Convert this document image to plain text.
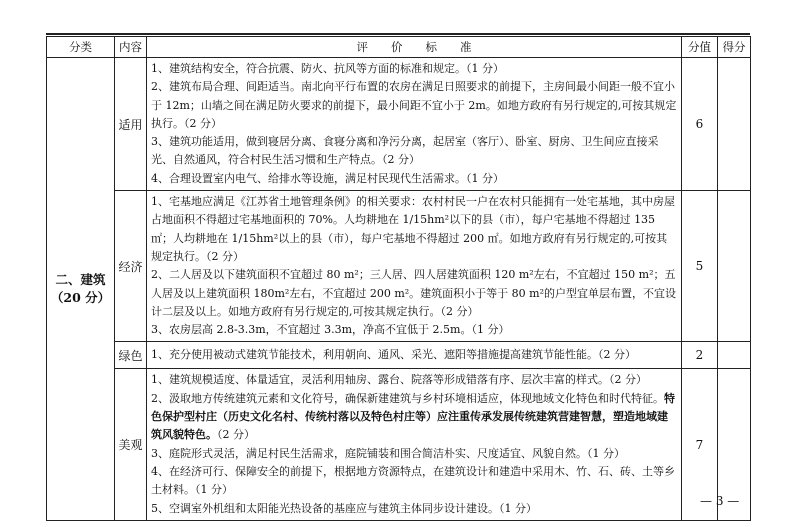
分类	内容	评　　价　　标　　准	分值	得分
二、建筑
（20 分）	适用	1、建筑结构安全，符合抗震、防火、抗风等方面的标准和规定。（1 分）
2、建筑布局合理、间距适当。南北向平行布置的农房在满足日照要求的前提下，主房间最小间距一般不宜小于 12m；山墙之间在满足防火要求的前提下，最小间距不宜小于 2m。如地方政府有另行规定的,可按其规定执行。（2 分）
3、建筑功能适用，做到寝居分离、食寝分离和净污分离，起居室（客厅）、卧室、厨房、卫生间应直接采光、自然通风，符合村民生活习惯和生产特点。（2 分）
4、合理设置室内电气、给排水等设施，满足村民现代生活需求。（1 分）	6	
	经济	1、宅基地应满足《江苏省土地管理条例》的相关要求：农村村民一户在农村只能拥有一处宅基地，其中房屋占地面积不得超过宅基地面积的 70%。人均耕地在 1/15hm²以下的县（市），每户宅基地不得超过 135 ㎡；人均耕地在 1/15hm²以上的县（市），每户宅基地不得超过 200 ㎡。如地方政府有另行规定的,可按其规定执行。（2 分）
2、二人居及以下建筑面积不宜超过 80 m²；三人居、四人居建筑面积 120 m²左右，不宜超过 150 m²；五人居及以上建筑面积 180m²左右，不宜超过 200 m²。建筑面积小于等于 80 m²的户型宜单层布置，不宜设计二层及以上。如地方政府有另行规定的,可按其规定执行。（2 分）
3、农房层高 2.8-3.3m，不宜超过 3.3m，净高不宜低于 2.5m。（1 分）	5	
	绿色	1、充分使用被动式建筑节能技术，利用朝向、通风、采光、遮阳等措施提高建筑节能性能。（2 分）	2	
	美观	1、建筑规模适度、体量适宜，灵活利用轴房、露台、院落等形成错落有序、层次丰富的样式。（2 分）
2、汲取地方传统建筑元素和文化符号，确保新建建筑与乡村环境相适应，体现地域文化特色和时代特征。特色保护型村庄（历史文化名村、传统村落以及特色村庄等）应注重传承发展传统建筑营建智慧，塑造地域建筑风貌特色。（2 分）
3、庭院形式灵活，满足村民生活需求，庭院铺装和围合简洁朴实、尺度适宜、风貌自然。（1 分）
4、在经济可行、保障安全的前提下，根据地方资源特点，在建筑设计和建造中采用木、竹、石、砖、土等乡土材料。（1 分）
5、空调室外机组和太阳能光热设备的基座应与建筑主体同步设计建设。（1 分）	7	
— 3 —
